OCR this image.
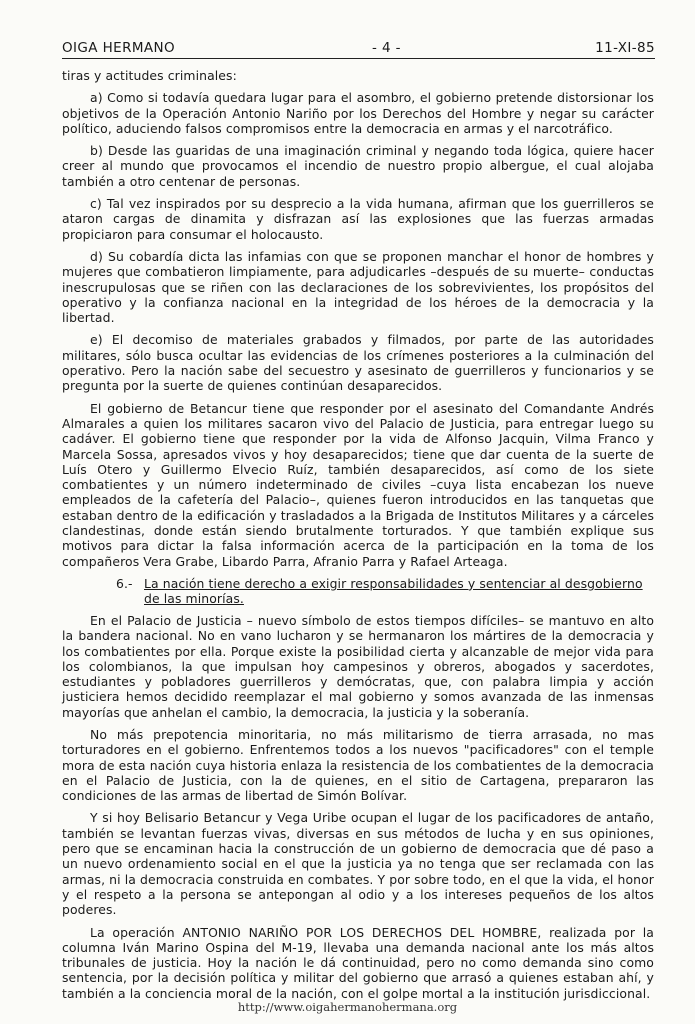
OIGA HERMANO	- 4 -	11-XI-85

tiras y actitudes criminales:

a) Como si todavía quedara lugar para el asombro, el gobierno pretende distorsionar los objetivos de la Operación Antonio Nariño por los Derechos del Hombre y negar su carácter político, aduciendo falsos compromisos entre la democracia en armas y el narcotráfico.

b) Desde las guaridas de una imaginación criminal y negando toda lógica, quiere hacer creer al mundo que provocamos el incendio de nuestro propio albergue, el cual alojaba también a otro centenar de personas.

c) Tal vez inspirados por su desprecio a la vida humana, afirman que los guerrilleros se ataron cargas de dinamita y disfrazan así las explosiones que las fuerzas armadas propiciaron para consumar el holocausto.

d) Su cobardía dicta las infamias con que se proponen manchar el honor de hombres y mujeres que combatieron limpiamente, para adjudicarles –después de su muerte– conductas inescrupulosas que se riñen con las declaraciones de los sobrevivientes, los propósitos del operativo y la confianza nacional en la integridad de los héroes de la democracia y la libertad.

e) El decomiso de materiales grabados y filmados, por parte de las autoridades militares, sólo busca ocultar las evidencias de los crímenes posteriores a la culminación del operativo. Pero la nación sabe del secuestro y asesinato de guerrilleros y funcionarios y se pregunta por la suerte de quienes continúan desaparecidos.

El gobierno de Betancur tiene que responder por el asesinato del Comandante Andrés Almarales a quien los militares sacaron vivo del Palacio de Justicia, para entregar luego su cadáver. El gobierno tiene que responder por la vida de Alfonso Jacquin, Vilma Franco y Marcela Sossa, apresados vivos y hoy desaparecidos; tiene que dar cuenta de la suerte de Luís Otero y Guillermo Elvecio Ruíz, también desaparecidos, así como de los siete combatientes y un número indeterminado de civiles –cuya lista encabezan los nueve empleados de la cafetería del Palacio–, quienes fueron introducidos en las tanquetas que estaban dentro de la edificación y trasladados a la Brigada de Institutos Militares y a cárceles clandestinas, donde están siendo brutalmente torturados. Y que también explique sus motivos para dictar la falsa información acerca de la participación en la toma de los compañeros Vera Grabe, Libardo Parra, Afranio Parra y Rafael Arteaga.

6.- La nación tiene derecho a exigir responsabilidades y sentenciar al desgobierno de las minorías.

En el Palacio de Justicia – nuevo símbolo de estos tiempos difíciles– se mantuvo en alto la bandera nacional. No en vano lucharon y se hermanaron los mártires de la democracia y los combatientes por ella. Porque existe la posibilidad cierta y alcanzable de mejor vida para los colombianos, la que impulsan hoy campesinos y obreros, abogados y sacerdotes, estudiantes y pobladores guerrilleros y demócratas, que, con palabra limpia y acción justiciera hemos decidido reemplazar el mal gobierno y somos avanzada de las inmensas mayorías que anhelan el cambio, la democracia, la justicia y la soberanía.

No más prepotencia minoritaria, no más militarismo de tierra arrasada, no mas torturadores en el gobierno. Enfrentemos todos a los nuevos "pacificadores" con el temple mora de esta nación cuya historia enlaza la resistencia de los combatientes de la democracia en el Palacio de Justicia, con la de quienes, en el sitio de Cartagena, prepararon las condiciones de las armas de libertad de Simón Bolívar.

Y si hoy Belisario Betancur y Vega Uribe ocupan el lugar de los pacificadores de antaño, también se levantan fuerzas vivas, diversas en sus métodos de lucha y en sus opiniones, pero que se encaminan hacia la construcción de un gobierno de democracia que dé paso a un nuevo ordenamiento social en el que la justicia ya no tenga que ser reclamada con las armas, ni la democracia construida en combates. Y por sobre todo, en el que la vida, el honor y el respeto a la persona se antepongan al odio y a los intereses pequeños de los altos poderes.

La operación ANTONIO NARIÑO POR LOS DERECHOS DEL HOMBRE, realizada por la columna Iván Marino Ospina del M-19, llevaba una demanda nacional ante los más altos tribunales de justicia. Hoy la nación le dá continuidad, pero no como demanda sino como sentencia, por la decisión política y militar del gobierno que arrasó a quienes estaban ahí, y también a la conciencia moral de la nación, con el golpe mortal a la institución jurisdiccional.

http://www.oigahermanohermana.org
